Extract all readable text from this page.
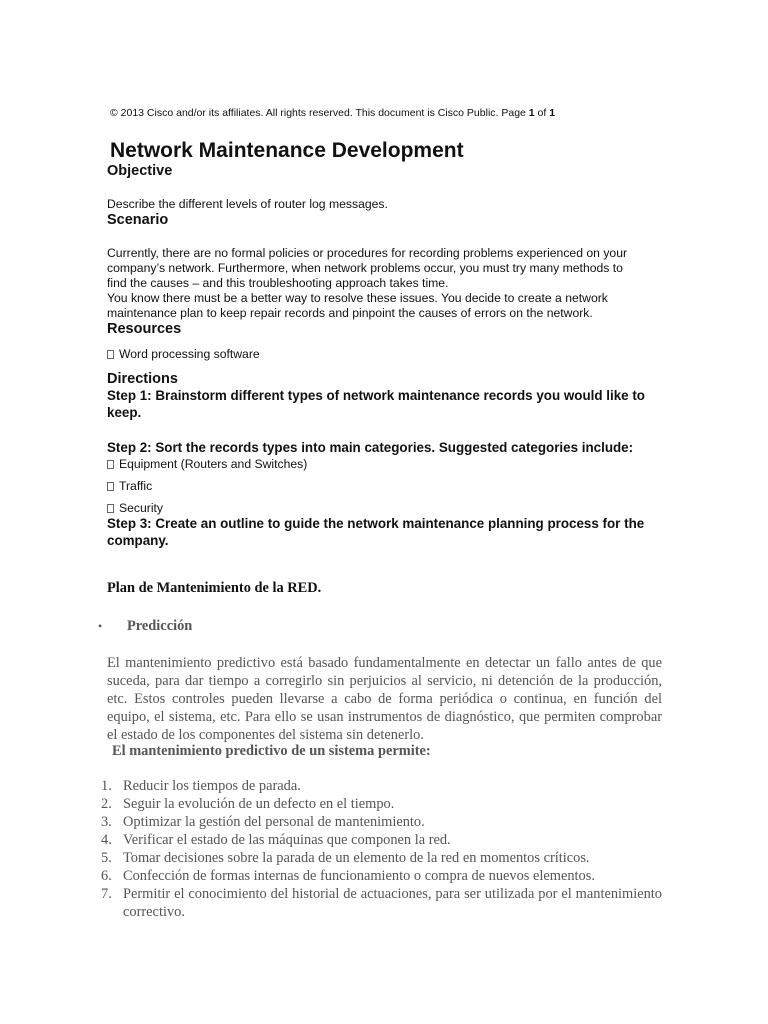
© 2013 Cisco and/or its affiliates. All rights reserved. This document is Cisco Public. Page 1 of 1
Network Maintenance Development
Objective
Describe the different levels of router log messages.
Scenario
Currently, there are no formal policies or procedures for recording problems experienced on your
company’s network. Furthermore, when network problems occur, you must try many methods to
find the causes – and this troubleshooting approach takes time.
You know there must be a better way to resolve these issues. You decide to create a network
maintenance plan to keep repair records and pinpoint the causes of errors on the network.
Resources
Word processing software
Directions
Step 1: Brainstorm different types of network maintenance records you would like to keep.
Step 2: Sort the records types into main categories. Suggested categories include:
Equipment (Routers and Switches)
Traffic
Security
Step 3: Create an outline to guide the network maintenance planning process for the company.
Plan de Mantenimiento de la RED.
•	Predicción
El mantenimiento predictivo está basado fundamentalmente en detectar un fallo antes de que suceda, para dar tiempo a corregirlo sin perjuicios al servicio, ni detención de la producción, etc. Estos controles pueden llevarse a cabo de forma periódica o continua, en función del equipo, el sistema, etc. Para ello se usan instrumentos de diagnóstico, que permiten comprobar el estado de los componentes del sistema sin detenerlo.
El mantenimiento predictivo de un sistema permite:
1. Reducir los tiempos de parada.
2. Seguir la evolución de un defecto en el tiempo.
3. Optimizar la gestión del personal de mantenimiento.
4. Verificar el estado de las máquinas que componen la red.
5. Tomar decisiones sobre la parada de un elemento de la red en momentos críticos.
6. Confección de formas internas de funcionamiento o compra de nuevos elementos.
7. Permitir el conocimiento del historial de actuaciones, para ser utilizada por el mantenimiento correctivo.
